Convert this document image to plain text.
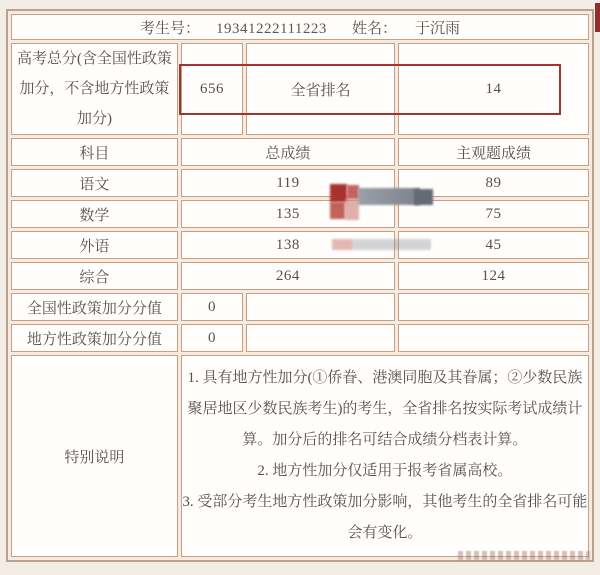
考生号： 19341222111223 姓名： 于沉雨			
高考总分(含全国性政策加分，不含地方性政策加分)	656	全省排名	14
科目	总成绩		主观题成绩
语文	119		89
数学	135		75
外语	138		45
综合	264		124
全国性政策加分分值	0		
地方性政策加分分值	0		
特别说明	1. 具有地方性加分(①侨眷、港澳同胞及其眷属；②少数民族聚居地区少数民族考生)的考生，全省排名按实际考试成绩计算。加分后的排名可结合成绩分档表计算。

2. 地方性加分仅适用于报考省属高校。

3. 受部分考生地方性政策加分影响，其他考生的全省排名可能会有变化。		
